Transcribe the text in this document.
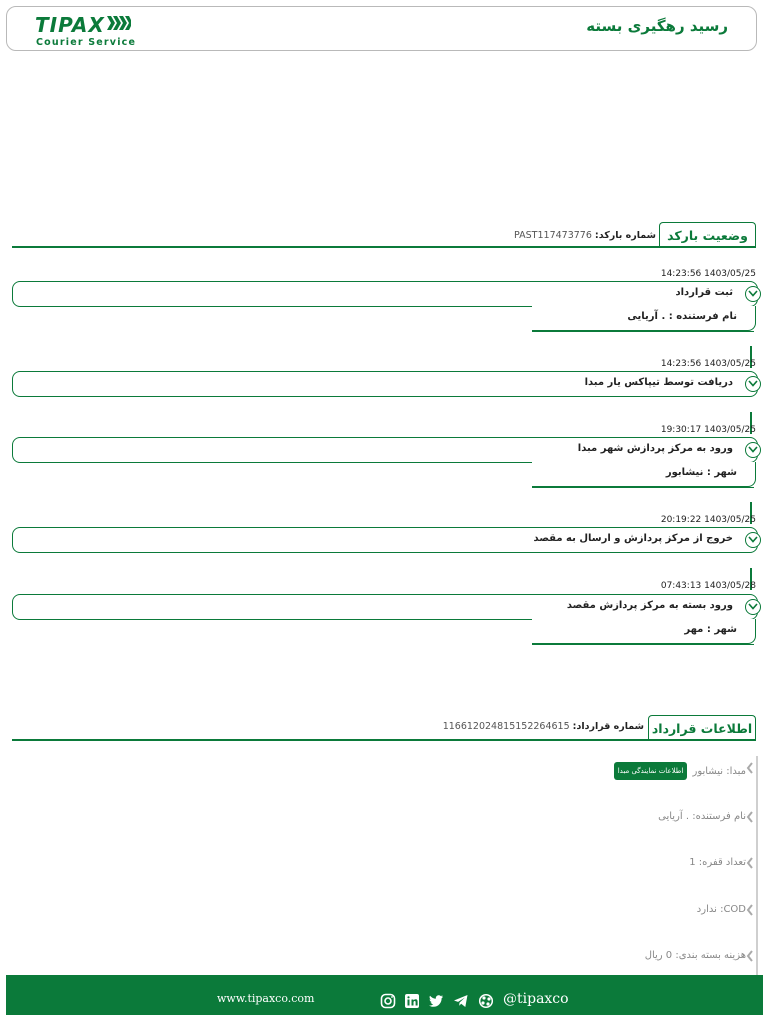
TIPAX
Courier Service
رسید رهگیری بسته
وضعیت بارکد
شماره بارکد: PAST117473776
14:23:56 1403/05/25
ثبت قرارداد
نام فرستنده : . آریایی
14:23:56 1403/05/25
دریافت توسط تیپاکس یار مبدا
19:30:17 1403/05/25
ورود به مرکز پردازش شهر مبدا
شهر : نیشابور
20:19:22 1403/05/25
خروج از مرکز پردازش و ارسال به مقصد
07:43:13 1403/05/28
ورود بسته به مرکز پردازش مقصد
شهر : مهر
اطلاعات قرارداد
شماره قرارداد: 116612024815152264615
مبدا: نیشابور اطلاعات نمایندگی مبدا
نام فرستنده: . آریایی
تعداد قفره: 1
COD: ندارد
هزینه بسته بندی: 0 ریال
www.tipaxco.com	@tipaxco
